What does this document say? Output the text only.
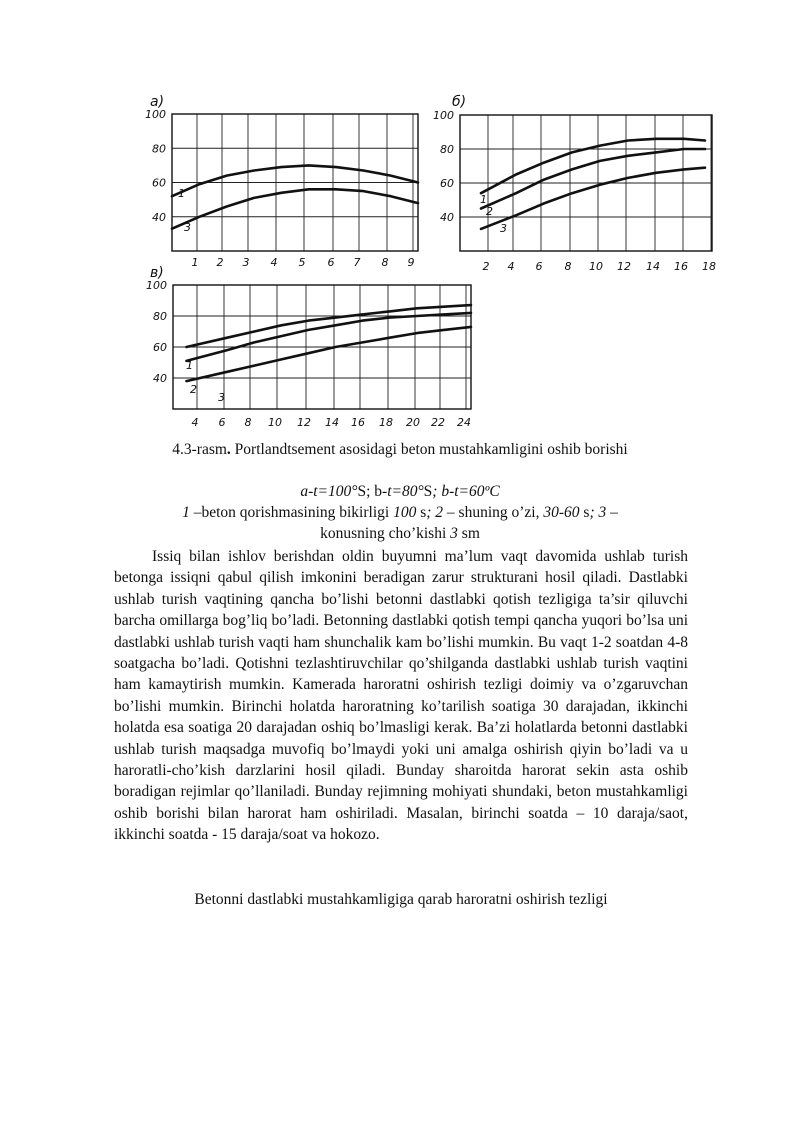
100
80
60
40
1 2 3 4 5 6 7 8 9
a)
1
3
100
80
60
40
2 4 6 8 10 12 14 16 18
б)
1
2
3
100
80
60
40
4 6 8 10 12 14 16 18 20 22 24
в)
1
2
3
4.3-rasm. Portlandtsement asosidagi beton mustahkamligini oshib borishi
a-t=100°S; b-t=80°S; b-t=60ºC
1 –beton qorishmasining bikirligi 100 s; 2 – shuning o’zi, 30-60 s; 3 –
konusning cho’kishi 3 sm

Issiq bilan ishlov berishdan oldin buyumni ma’lum vaqt davomida ushlab turish betonga issiqni qabul qilish imkonini beradigan zarur strukturani hosil qiladi. Dastlabki ushlab turish vaqtining qancha bo’lishi betonni dastlabki qotish tezligiga ta’sir qiluvchi barcha omillarga bog’liq bo’ladi. Betonning dastlabki qotish tempi qancha yuqori bo’lsa uni dastlabki ushlab turish vaqti ham shunchalik kam bo’lishi mumkin. Bu vaqt 1-2 soatdan 4-8 soatgacha bo’ladi. Qotishni tezlashtiruvchilar qo’shilganda dastlabki ushlab turish vaqtini ham kamaytirish mumkin. Kamerada haroratni oshirish tezligi doimiy va o’zgaruvchan bo’lishi mumkin. Birinchi holatda haroratning ko’tarilish soatiga 30 darajadan, ikkinchi holatda esa soatiga 20 darajadan oshiq bo’lmasligi kerak. Ba’zi holatlarda betonni dastlabki ushlab turish maqsadga muvofiq bo’lmaydi yoki uni amalga oshirish qiyin bo’ladi va u haroratli-cho’kish darzlarini hosil qiladi. Bunday sharoitda harorat sekin asta oshib boradigan rejimlar qo’llaniladi. Bunday rejimning mohiyati shundaki, beton mustahkamligi oshib borishi bilan harorat ham oshiriladi. Masalan, birinchi soatda – 10 daraja/saot, ikkinchi soatda - 15 daraja/soat va hokozo.

Betonni dastlabki mustahkamligiga qarab haroratni oshirish tezligi
